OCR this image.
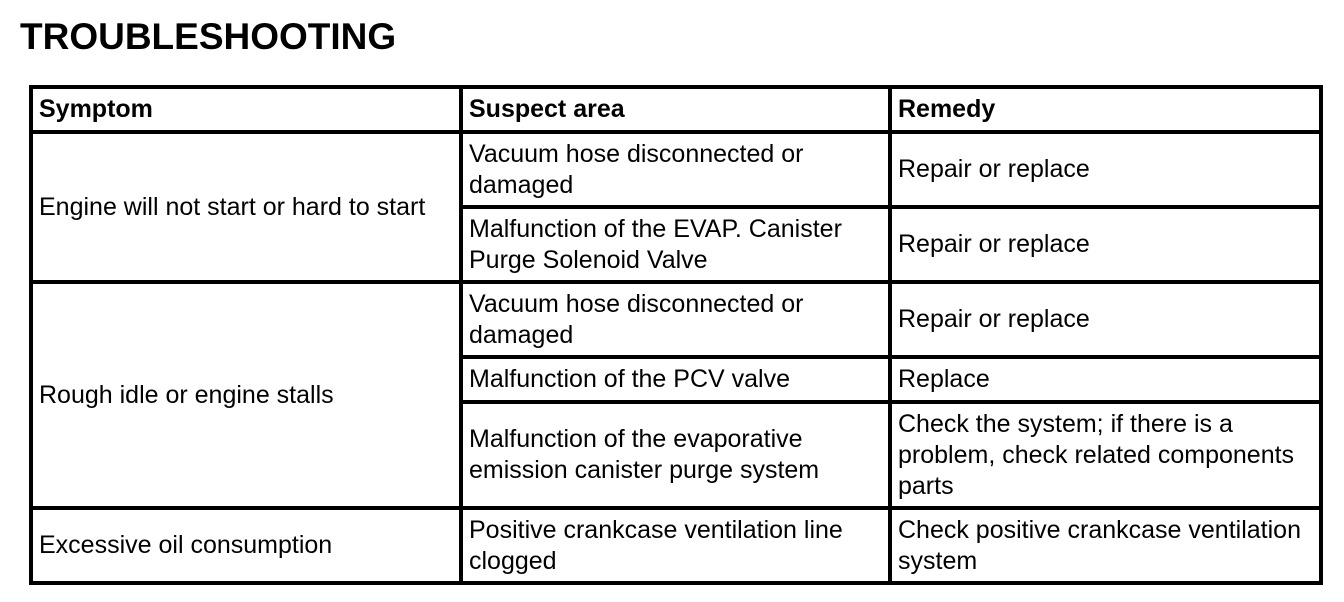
TROUBLESHOOTING
Symptom	Suspect area	Remedy
Engine will not start or hard to start	Vacuum hose disconnected or damaged	Repair or replace
	Malfunction of the EVAP. Canister Purge Solenoid Valve	Repair or replace
Rough idle or engine stalls	Vacuum hose disconnected or damaged	Repair or replace
	Malfunction of the PCV valve	Replace
	Malfunction of the evaporative emission canister purge system	Check the system; if there is a problem, check related components parts
Excessive oil consumption	Positive crankcase ventilation line clogged	Check positive crankcase ventilation system
